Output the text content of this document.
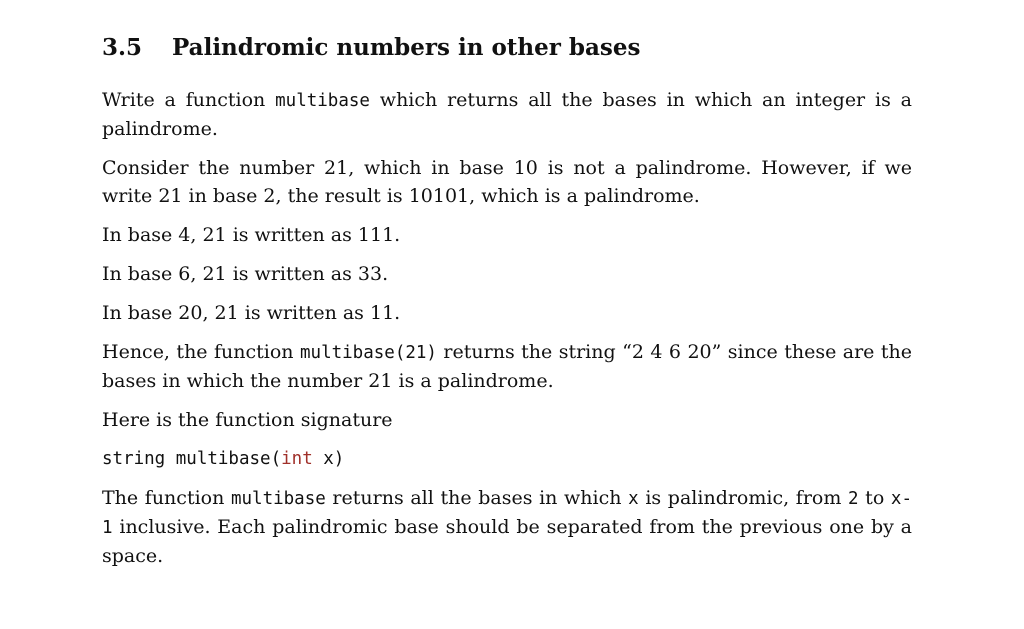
3.5	Palindromic numbers in other bases

Write a function multibase which returns all the bases in which an integer is a palindrome.

Consider the number 21, which in base 10 is not a palindrome. However, if we write 21 in base 2, the result is 10101, which is a palindrome.

In base 4, 21 is written as 111.

In base 6, 21 is written as 33.

In base 20, 21 is written as 11.

Hence, the function multibase(21) returns the string “2 4 6 20” since these are the bases in which the number 21 is a palindrome.

Here is the function signature

string multibase(int x)

The function multibase returns all the bases in which x is palindromic, from 2 to x-1 inclusive. Each palindromic base should be separated from the previous one by a space.
